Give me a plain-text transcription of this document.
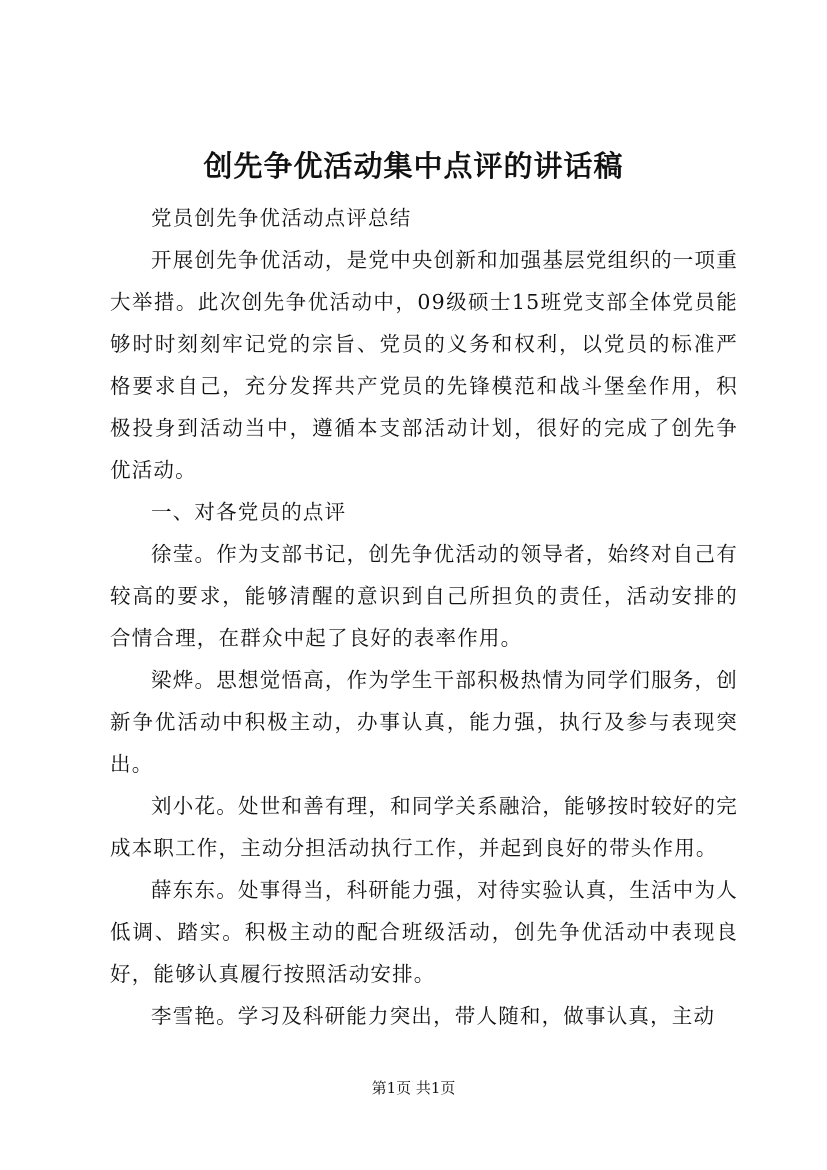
创先争优活动集中点评的讲话稿

党员创先争优活动点评总结

开展创先争优活动，是党中央创新和加强基层党组织的一项重大举措。此次创先争优活动中，09级硕士15班党支部全体党员能够时时刻刻牢记党的宗旨、党员的义务和权利，以党员的标准严格要求自己，充分发挥共产党员的先锋模范和战斗堡垒作用，积极投身到活动当中，遵循本支部活动计划，很好的完成了创先争优活动。

一、对各党员的点评

徐莹。作为支部书记，创先争优活动的领导者，始终对自己有较高的要求，能够清醒的意识到自己所担负的责任，活动安排的合情合理，在群众中起了良好的表率作用。

梁烨。思想觉悟高，作为学生干部积极热情为同学们服务，创新争优活动中积极主动，办事认真，能力强，执行及参与表现突出。

刘小花。处世和善有理，和同学关系融洽，能够按时较好的完成本职工作，主动分担活动执行工作，并起到良好的带头作用。

薛东东。处事得当，科研能力强，对待实验认真，生活中为人低调、踏实。积极主动的配合班级活动，创先争优活动中表现良好，能够认真履行按照活动安排。

李雪艳。学习及科研能力突出，带人随和，做事认真，主动

第1页 共1页
